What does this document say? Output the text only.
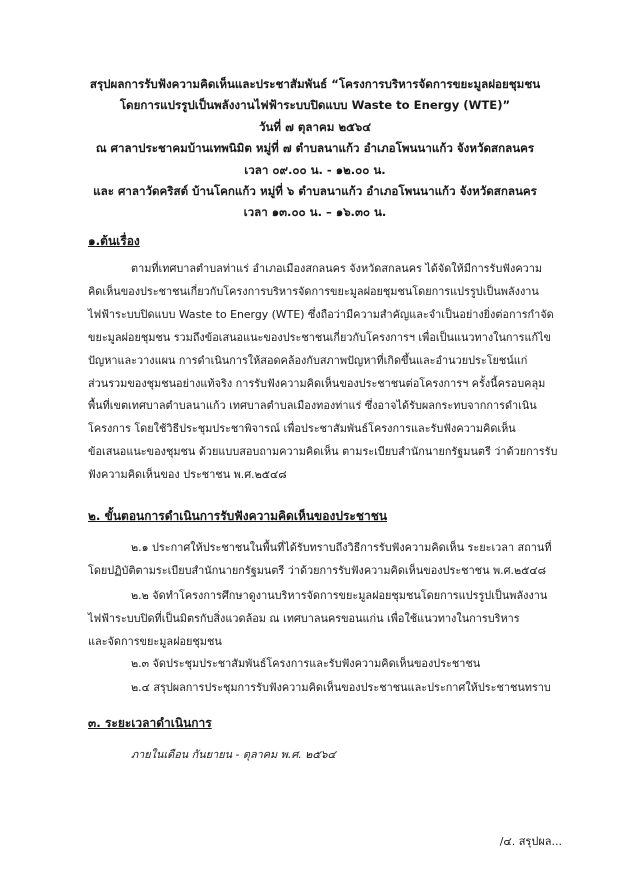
สรุปผลการรับฟังความคิดเห็นและประชาสัมพันธ์ “โครงการบริหารจัดการขยะมูลฝอยชุมชน
โดยการแปรรูปเป็นพลังงานไฟฟ้าระบบปิดแบบ Waste to Energy (WTE)”
วันที่ ๗ ตุลาคม ๒๕๖๔
ณ ศาลาประชาคมบ้านเทพนิมิต หมู่ที่ ๗ ตำบลนาแก้ว อำเภอโพนนาแก้ว จังหวัดสกลนคร
เวลา ๐๙.๐๐ น. - ๑๒.๐๐ น.
และ ศาลาวัดคริสต์ บ้านโคกแก้ว หมู่ที่ ๖ ตำบลนาแก้ว อำเภอโพนนาแก้ว จังหวัดสกลนคร
เวลา ๑๓.๐๐ น. – ๑๖.๓๐ น.
๑.ต้นเรื่อง
ตามที่เทศบาลตำบลท่าแร่ อำเภอเมืองสกลนคร จังหวัดสกลนคร ได้จัดให้มีการรับฟังความ
คิดเห็นของประชาชนเกี่ยวกับโครงการบริหารจัดการขยะมูลฝอยชุมชนโดยการแปรรูปเป็นพลังงาน
ไฟฟ้าระบบปิดแบบ Waste to Energy (WTE) ซึ่งถือว่ามีความสำคัญและจำเป็นอย่างยิ่งต่อการกำจัด
ขยะมูลฝอยชุมชน รวมถึงข้อเสนอแนะของประชาชนเกี่ยวกับโครงการฯ เพื่อเป็นแนวทางในการแก้ไข
ปัญหาและวางแผน การดำเนินการให้สอดคล้องกับสภาพปัญหาที่เกิดขึ้นและอำนวยประโยชน์แก่
ส่วนรวมของชุมชนอย่างแท้จริง การรับฟังความคิดเห็นของประชาชนต่อโครงการฯ ครั้งนี้ครอบคลุม
พื้นที่เขตเทศบาลตำบลนาแก้ว เทศบาลตำบลเมืองทองท่าแร่ ซึ่งอาจได้รับผลกระทบจากการดำเนิน
โครงการ โดยใช้วิธีประชุมประชาพิจารณ์ เพื่อประชาสัมพันธ์โครงการและรับฟังความคิดเห็น
ข้อเสนอแนะของชุมชน ด้วยแบบสอบถามความคิดเห็น ตามระเบียบสำนักนายกรัฐมนตรี ว่าด้วยการรับ
ฟังความคิดเห็นของ ประชาชน พ.ศ.๒๕๔๘
๒. ขั้นตอนการดำเนินการรับฟังความคิดเห็นของประชาชน
๒.๑ ประกาศให้ประชาชนในพื้นที่ได้รับทราบถึงวิธีการรับฟังความคิดเห็น ระยะเวลา สถานที่
โดยปฏิบัติตามระเบียบสำนักนายกรัฐมนตรี ว่าด้วยการรับฟังความคิดเห็นของประชาชน พ.ศ.๒๕๔๘
๒.๒ จัดทำโครงการศึกษาดูงานบริหารจัดการขยะมูลฝอยชุมชนโดยการแปรรูปเป็นพลังงาน
ไฟฟ้าระบบปิดที่เป็นมิตรกับสิ่งแวดล้อม ณ เทศบาลนครขอนแก่น เพื่อใช้แนวทางในการบริหาร
และจัดการขยะมูลฝอยชุมชน
๒.๓ จัดประชุมประชาสัมพันธ์โครงการและรับฟังความคิดเห็นของประชาชน
๒.๔ สรุปผลการประชุมการรับฟังความคิดเห็นของประชาชนและประกาศให้ประชาชนทราบ
๓. ระยะเวลาดำเนินการ
ภายในเดือน กันยายน - ตุลาคม พ.ศ. ๒๕๖๔
/๔. สรุปผล...
